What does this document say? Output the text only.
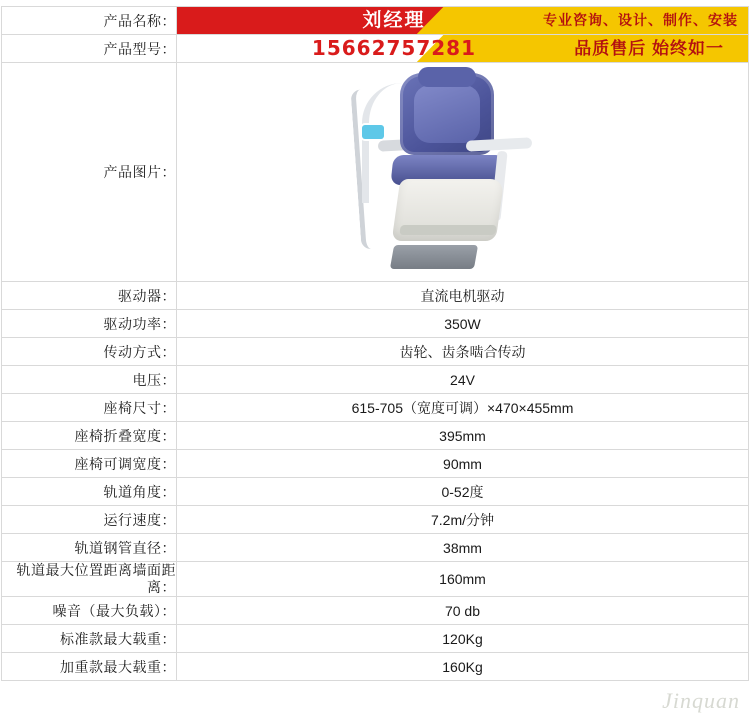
产品名称：	刘经理 专业咨询、设计、制作、安装

产品型号：	15662757281 品质售后 始终如一

产品图片：	

驱动器：	直流电机驱动
驱动功率：	350W
传动方式：	齿轮、齿条啮合传动
电压：	24V
座椅尺寸：	615-705（宽度可调）×470×455mm
座椅折叠宽度：	395mm
座椅可调宽度：	90mm
轨道角度：	0-52度
运行速度：	7.2m/分钟
轨道钢管直径：	38mm
轨道最大位置距离墙面距离：	160mm
噪音（最大负载）：	70 db
标准款最大载重：	120Kg
加重款最大载重：	160Kg
Jinquan
